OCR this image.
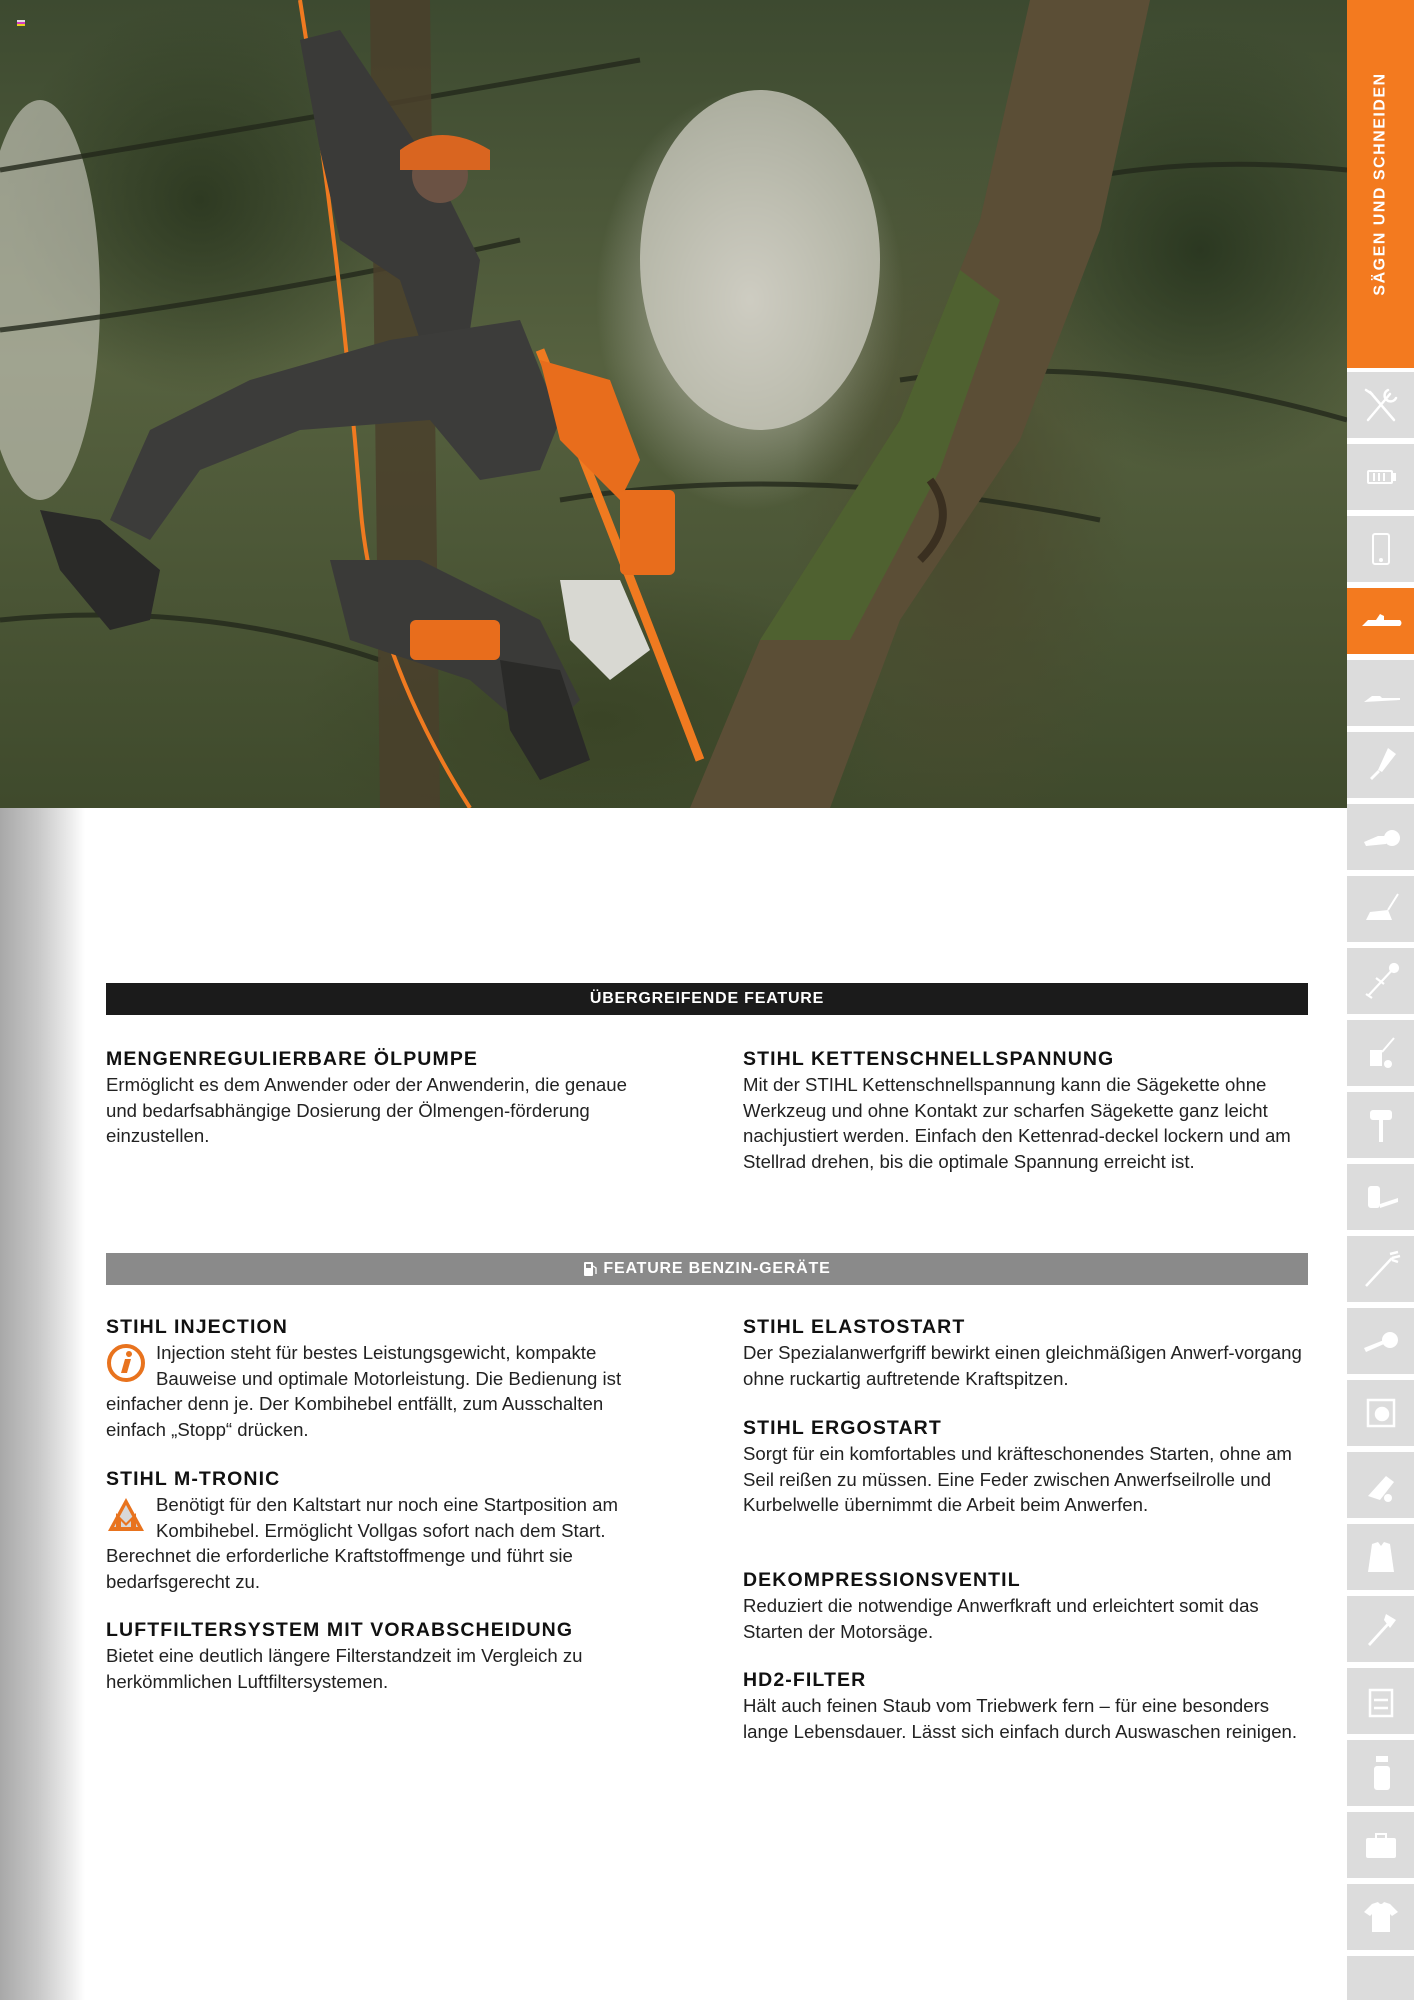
SÄGEN UND SCHNEIDEN
ÜBERGREIFENDE FEATURE
MENGENREGULIERBARE ÖLPUMPE

Ermöglicht es dem Anwender oder der Anwenderin, die genaue und bedarfsabhängige Dosierung der Ölmengen-förderung einzustellen.

STIHL KETTENSCHNELLSPANNUNG

Mit der STIHL Kettenschnellspannung kann die Sägekette ohne Werkzeug und ohne Kontakt zur scharfen Sägekette ganz leicht nachjustiert werden. Einfach den Kettenrad-deckel lockern und am Stellrad drehen, bis die optimale Spannung erreicht ist.

FEATURE BENZIN-GERÄTE
STIHL INJECTION

Injection steht für bestes Leistungsgewicht, kompakte Bauweise und optimale Motorleistung. Die Bedienung ist einfacher denn je. Der Kombihebel entfällt, zum Ausschalten einfach „Stopp“ drücken.

STIHL M-TRONIC

Benötigt für den Kaltstart nur noch eine Startposition am Kombihebel. Ermöglicht Vollgas sofort nach dem Start. Berechnet die erforderliche Kraftstoffmenge und führt sie bedarfsgerecht zu.

LUFTFILTERSYSTEM MIT VORABSCHEIDUNG

Bietet eine deutlich längere Filterstandzeit im Vergleich zu herkömmlichen Luftfiltersystemen.

STIHL ELASTOSTART

Der Spezialanwerfgriff bewirkt einen gleichmäßigen Anwerf-vorgang ohne ruckartig auftretende Kraftspitzen.

STIHL ERGOSTART

Sorgt für ein komfortables und kräfteschonendes Starten, ohne am Seil reißen zu müssen. Eine Feder zwischen Anwerfseilrolle und Kurbelwelle übernimmt die Arbeit beim Anwerfen.

DEKOMPRESSIONSVENTIL

Reduziert die notwendige Anwerfkraft und erleichtert somit das Starten der Motorsäge.

HD2-FILTER

Hält auch feinen Staub vom Triebwerk fern – für eine besonders lange Lebensdauer. Lässt sich einfach durch Auswaschen reinigen.
